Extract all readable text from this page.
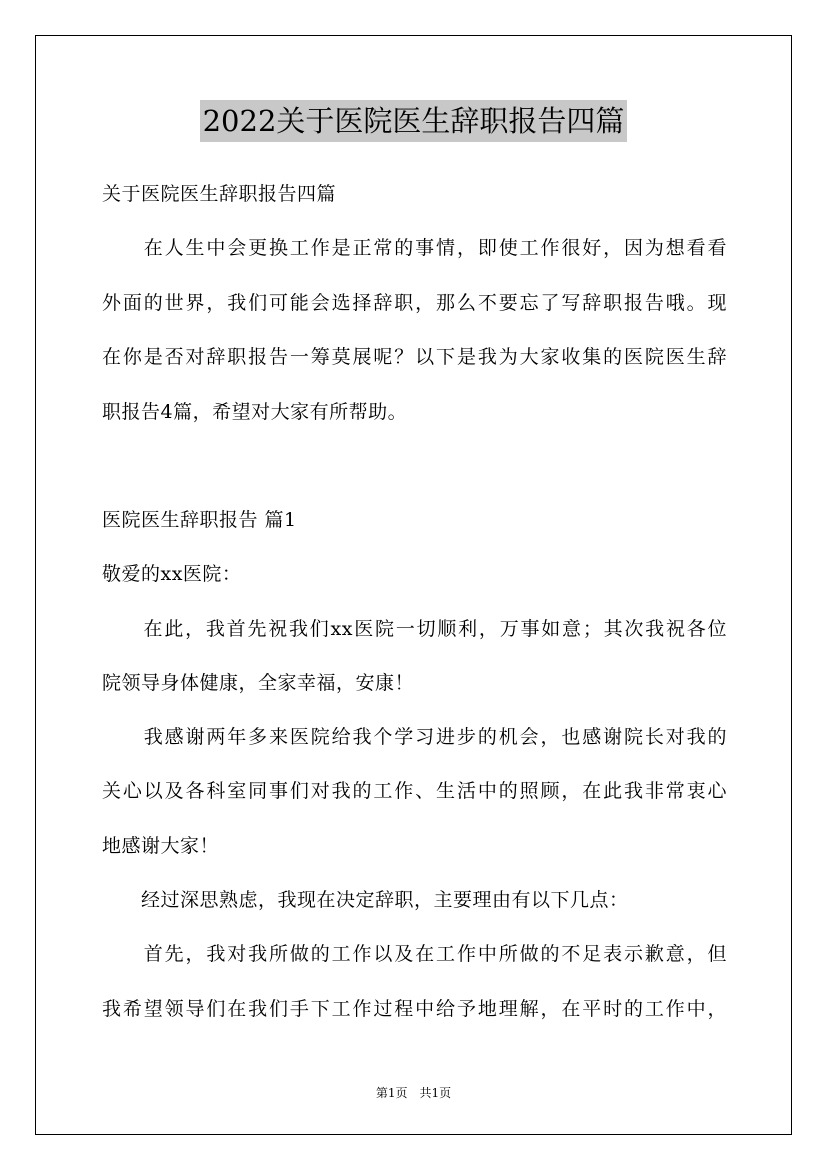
2022关于医院医生辞职报告四篇
关于医院医生辞职报告四篇
　　在人生中会更换工作是正常的事情，即使工作很好，因为想看看
外面的世界，我们可能会选择辞职，那么不要忘了写辞职报告哦。现
在你是否对辞职报告一筹莫展呢？以下是我为大家收集的医院医生辞
职报告4篇，希望对大家有所帮助。
医院医生辞职报告 篇1
敬爱的xx医院：
　　在此，我首先祝我们xx医院一切顺利，万事如意；其次我祝各位
院领导身体健康，全家幸福，安康！
　　我感谢两年多来医院给我个学习进步的机会，也感谢院长对我的
关心以及各科室同事们对我的工作、生活中的照顾，在此我非常衷心
地感谢大家！
　　经过深思熟虑，我现在决定辞职，主要理由有以下几点：
　　首先，我对我所做的工作以及在工作中所做的不足表示歉意，但
我希望领导们在我们手下工作过程中给予地理解，在平时的工作中，
第1页　共1页
